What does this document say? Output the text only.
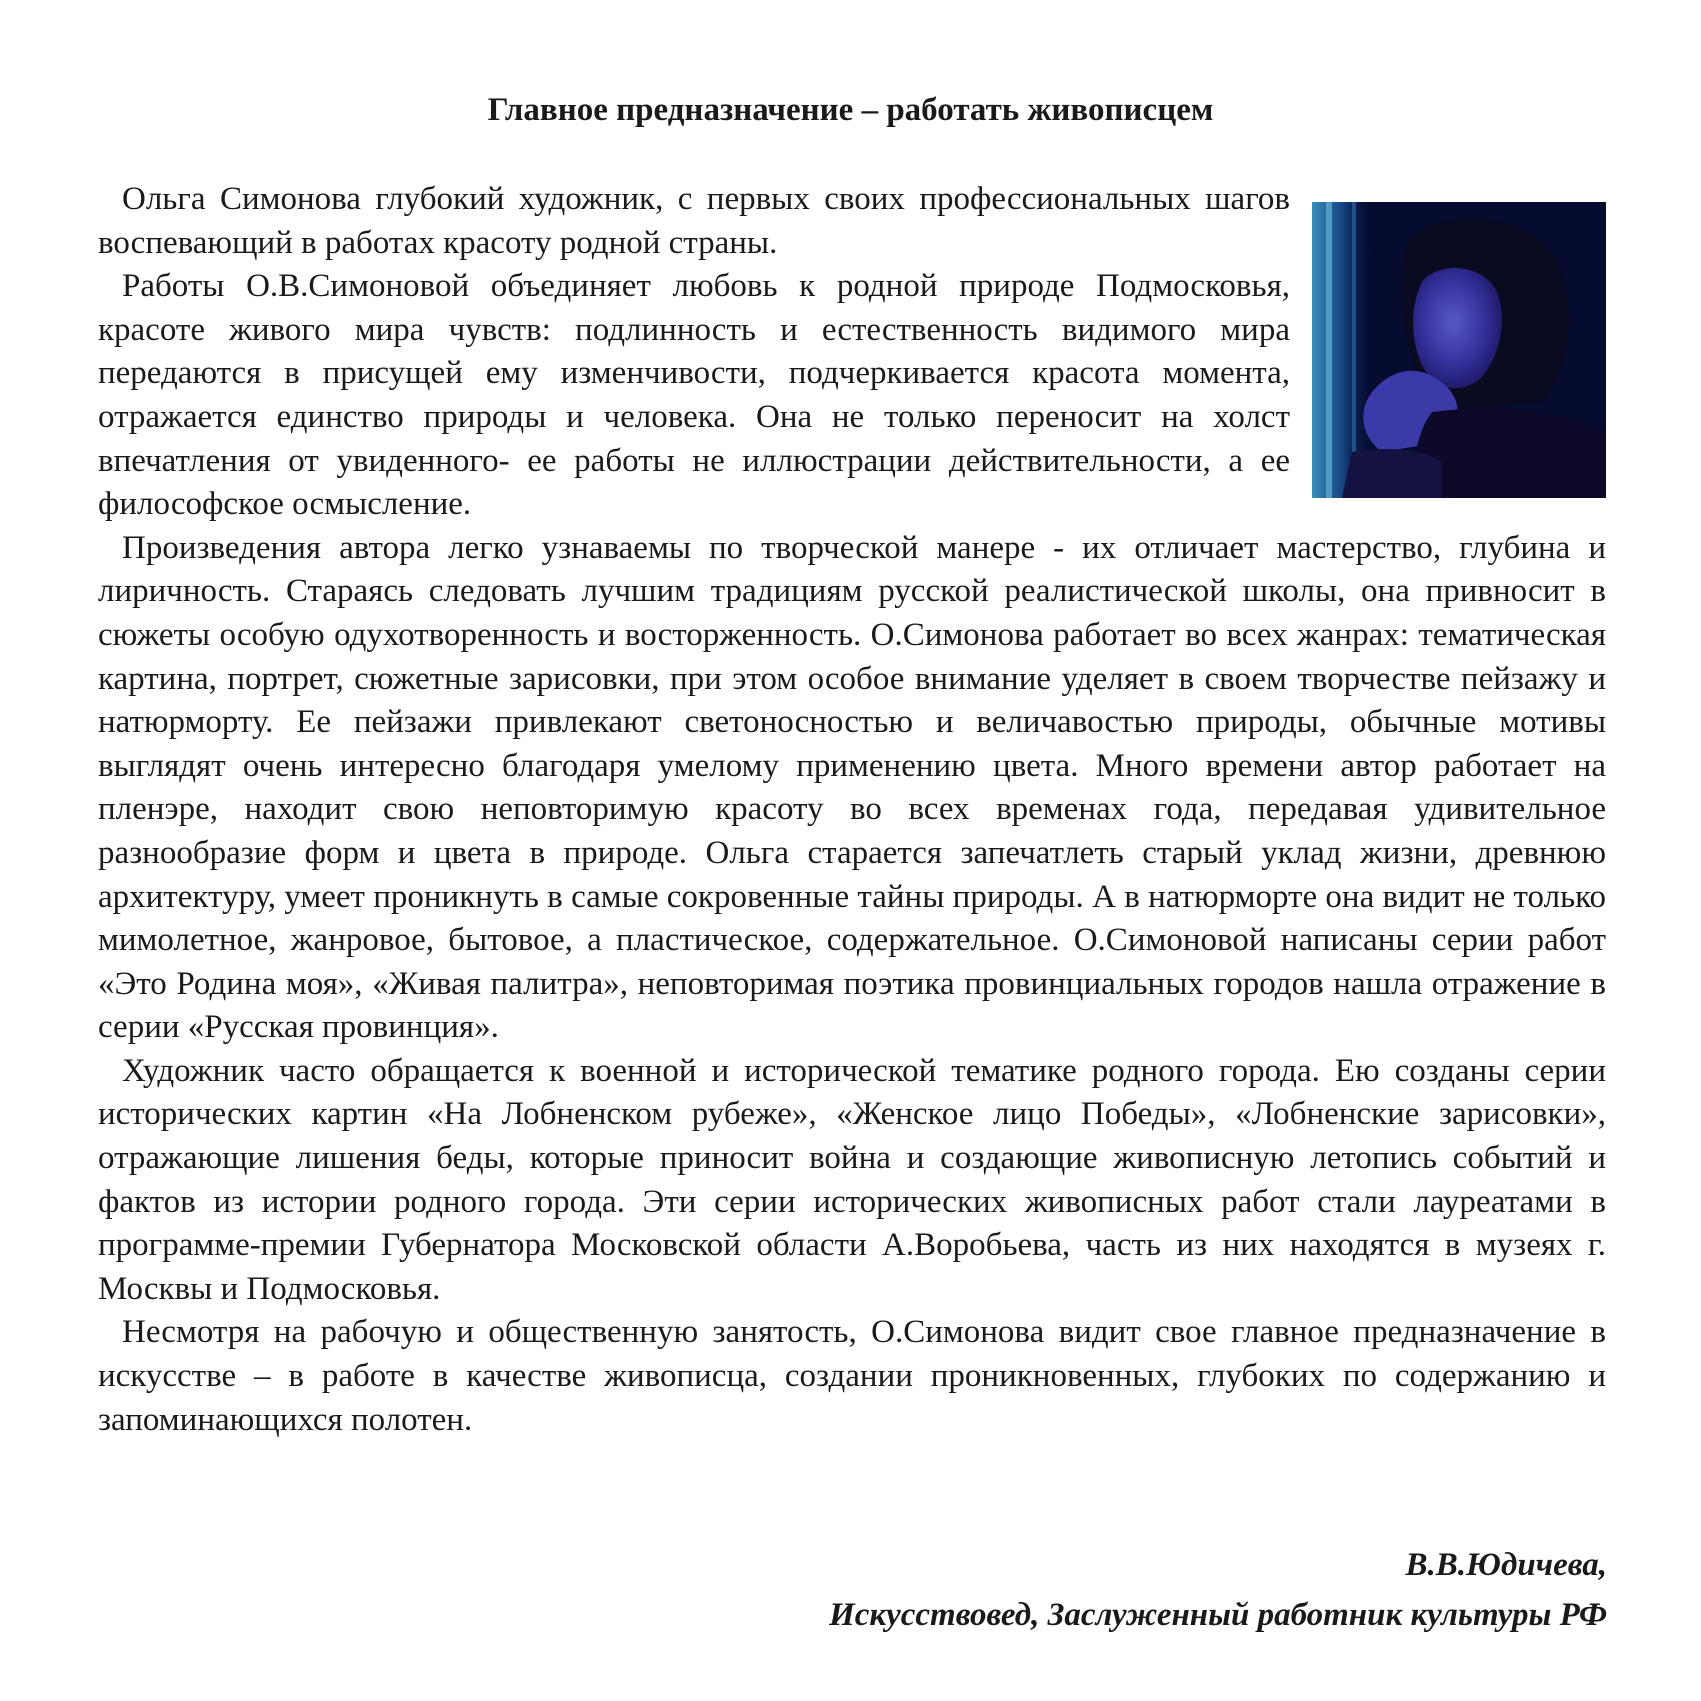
Главное предназначение – работать живописцем

Ольга Симонова глубокий художник, с первых своих профессиональных шагов воспевающий в работах красоту родной страны.

Работы О.В.Симоновой объединяет любовь к родной природе Подмосковья, красоте живого мира чувств: подлинность и естественность видимого мира передаются в присущей ему изменчивости, подчеркивается красота момента, отражается единство природы и человека. Она не только переносит на холст впечатления от увиденного- ее работы не иллюстрации действительности, а ее философское осмысление.

Произведения автора легко узнаваемы по творческой манере - их отличает мастерство, глубина и лиричность. Стараясь следовать лучшим традициям русской реалистической школы, она привносит в сюжеты особую одухотворенность и восторженность. О.Симонова работает во всех жанрах: тематическая картина, портрет, сюжетные зарисовки, при этом особое внимание уделяет в своем творчестве пейзажу и натюрморту. Ее пейзажи привлекают светоносностью и величавостью природы, обычные мотивы выглядят очень интересно благодаря умелому применению цвета. Много времени автор работает на пленэре, находит свою неповторимую красоту во всех временах года, передавая удивительное разнообразие форм и цвета в природе. Ольга старается запечатлеть старый уклад жизни, древнюю архитектуру, умеет проникнуть в самые сокровенные тайны природы. А в натюрморте она видит не только мимолетное, жанровое, бытовое, а пластическое, содержательное. О.Симоновой написаны серии работ «Это Родина моя», «Живая палитра», неповторимая поэтика провинциальных городов нашла отражение в серии «Русская провинция».

Художник часто обращается к военной и исторической тематике родного города. Ею созданы серии исторических картин «На Лобненском рубеже», «Женское лицо Победы», «Лобненские зарисовки», отражающие лишения беды, которые приносит война и создающие живописную летопись событий и фактов из истории родного города. Эти серии исторических живописных работ стали лауреатами в программе-премии Губернатора Московской области А.Воробьева, часть из них находятся в музеях г. Москвы и Подмосковья.

Несмотря на рабочую и общественную занятость, О.Симонова видит свое главное предназначение в искусстве – в работе в качестве живописца, создании проникновенных, глубоких по содержанию и запоминающихся полотен.

В.В.Юдичева,
Искусствовед, Заслуженный работник культуры РФ
